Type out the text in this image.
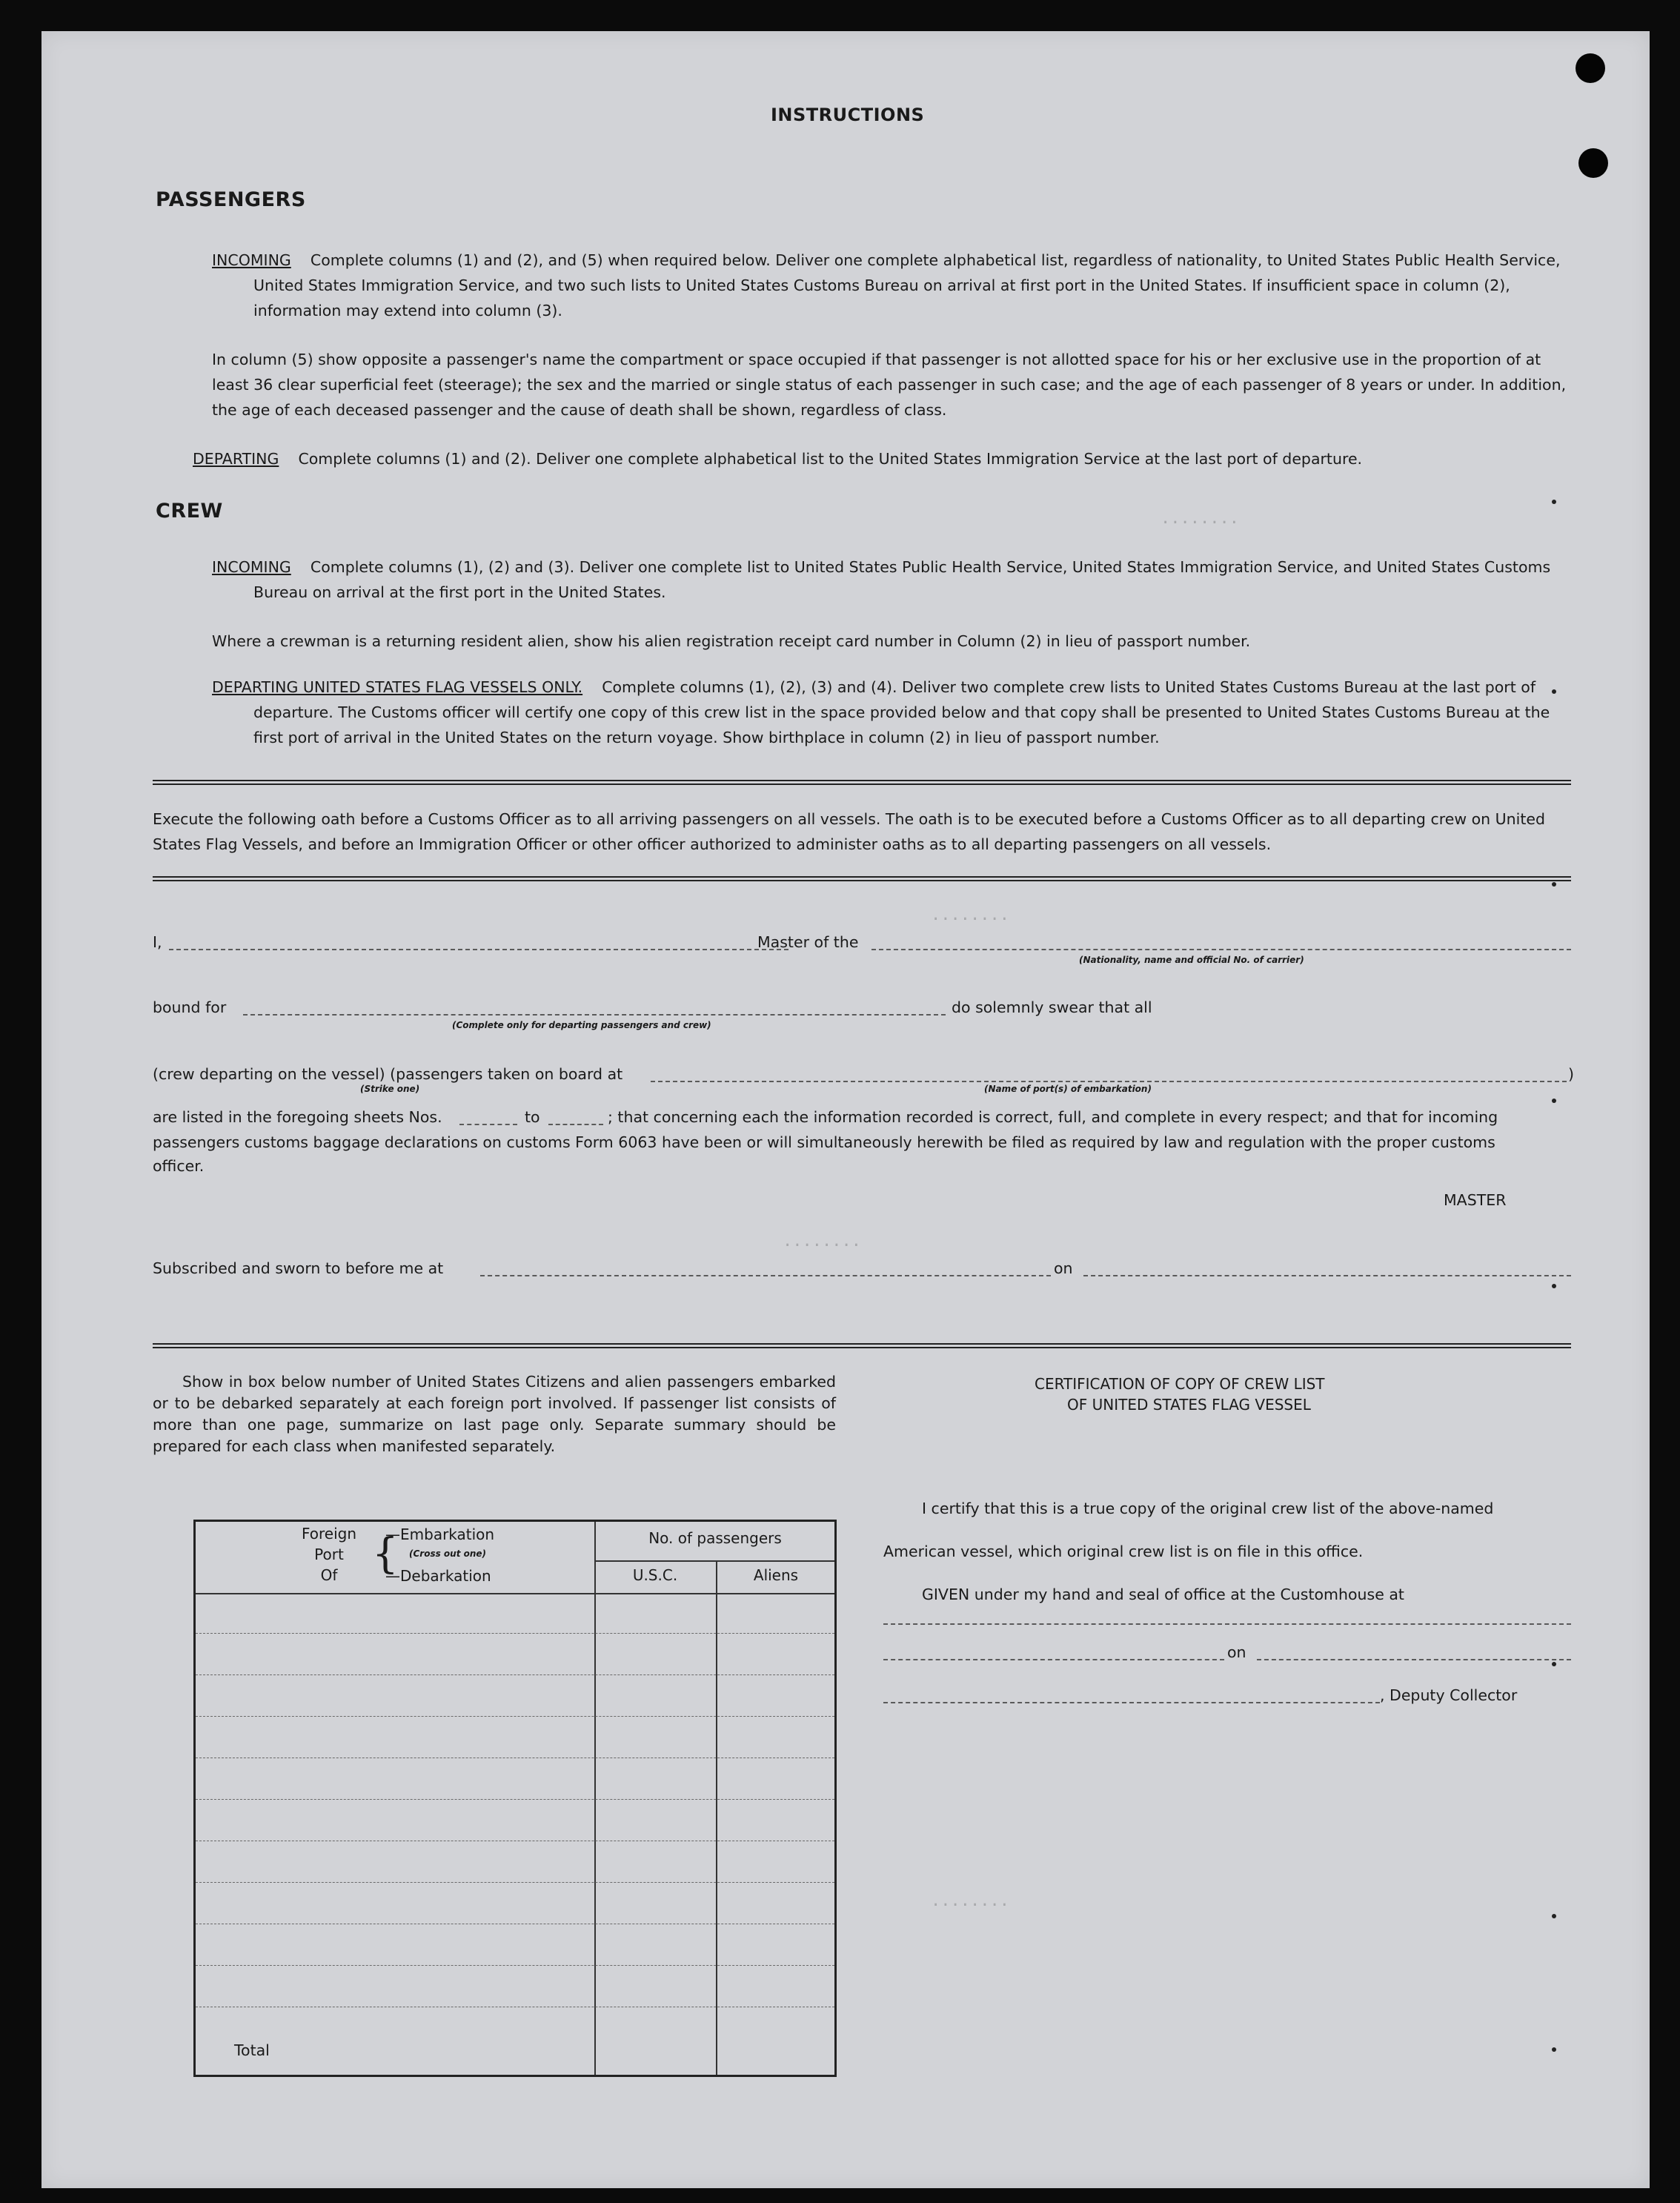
........
........
........
........
INSTRUCTIONS
PASSENGERS
INCOMING Complete columns (1) and (2), and (5) when required below. Deliver one complete alphabetical list, regardless of nationality, to United States Public Health Service, United States Immigration Service, and two such lists to United States Customs Bureau on arrival at first port in the United States. If insufficient space in column (2), information may extend into column (3).
In column (5) show opposite a passenger's name the compartment or space occupied if that passenger is not allotted space for his or her exclusive use in the proportion of at least 36 clear superficial feet (steerage); the sex and the married or single status of each passenger in such case; and the age of each passenger of 8 years or under. In addition, the age of each deceased passenger and the cause of death shall be shown, regardless of class.
DEPARTING Complete columns (1) and (2). Deliver one complete alphabetical list to the United States Immigration Service at the last port of departure.
CREW
INCOMING Complete columns (1), (2) and (3). Deliver one complete list to United States Public Health Service, United States Immigration Service, and United States Customs Bureau on arrival at the first port in the United States.
Where a crewman is a returning resident alien, show his alien registration receipt card number in Column (2) in lieu of passport number.
DEPARTING UNITED STATES FLAG VESSELS ONLY. Complete columns (1), (2), (3) and (4). Deliver two complete crew lists to United States Customs Bureau at the last port of departure. The Customs officer will certify one copy of this crew list in the space provided below and that copy shall be presented to United States Customs Bureau at the first port of arrival in the United States on the return voyage. Show birthplace in column (2) in lieu of passport number.
Execute the following oath before a Customs Officer as to all arriving passengers on all vessels. The oath is to be executed before a Customs Officer as to all departing crew on United States Flag Vessels, and before an Immigration Officer or other officer authorized to administer oaths as to all departing passengers on all vessels.
I,	Master of the
(Nationality, name and official No. of carrier)
bound for
(Complete only for departing passengers and crew)
do solemnly swear that all
(crew departing on the vessel) (passengers taken on board at	)
(Strike one)	(Name of port(s) of embarkation)
are listed in the foregoing sheets Nos.	to	; that concerning each the information recorded is correct, full, and complete in every respect; and that for incoming
passengers customs baggage declarations on customs Form 6063 have been or will simultaneously herewith be filed as required by law and regulation with the proper customs
officer.
MASTER
Subscribed and sworn to before me at	on
Show in box below number of United States Citizens and alien passengers embarked or to be debarked separately at each foreign port involved. If passenger list consists of more than one page, summarize on last page only. Separate summary should be prepared for each class when manifested separately.
Foreign
Port
Of {
—Embarkation
(Cross out one)
—Debarkation
No. of passengers
U.S.C.	Aliens
Total
CERTIFICATION OF COPY OF CREW LIST
OF UNITED STATES FLAG VESSEL
I certify that this is a true copy of the original crew list of the above-named
American vessel, which original crew list is on file in this office.
GIVEN under my hand and seal of office at the Customhouse at
on
, Deputy Collector
